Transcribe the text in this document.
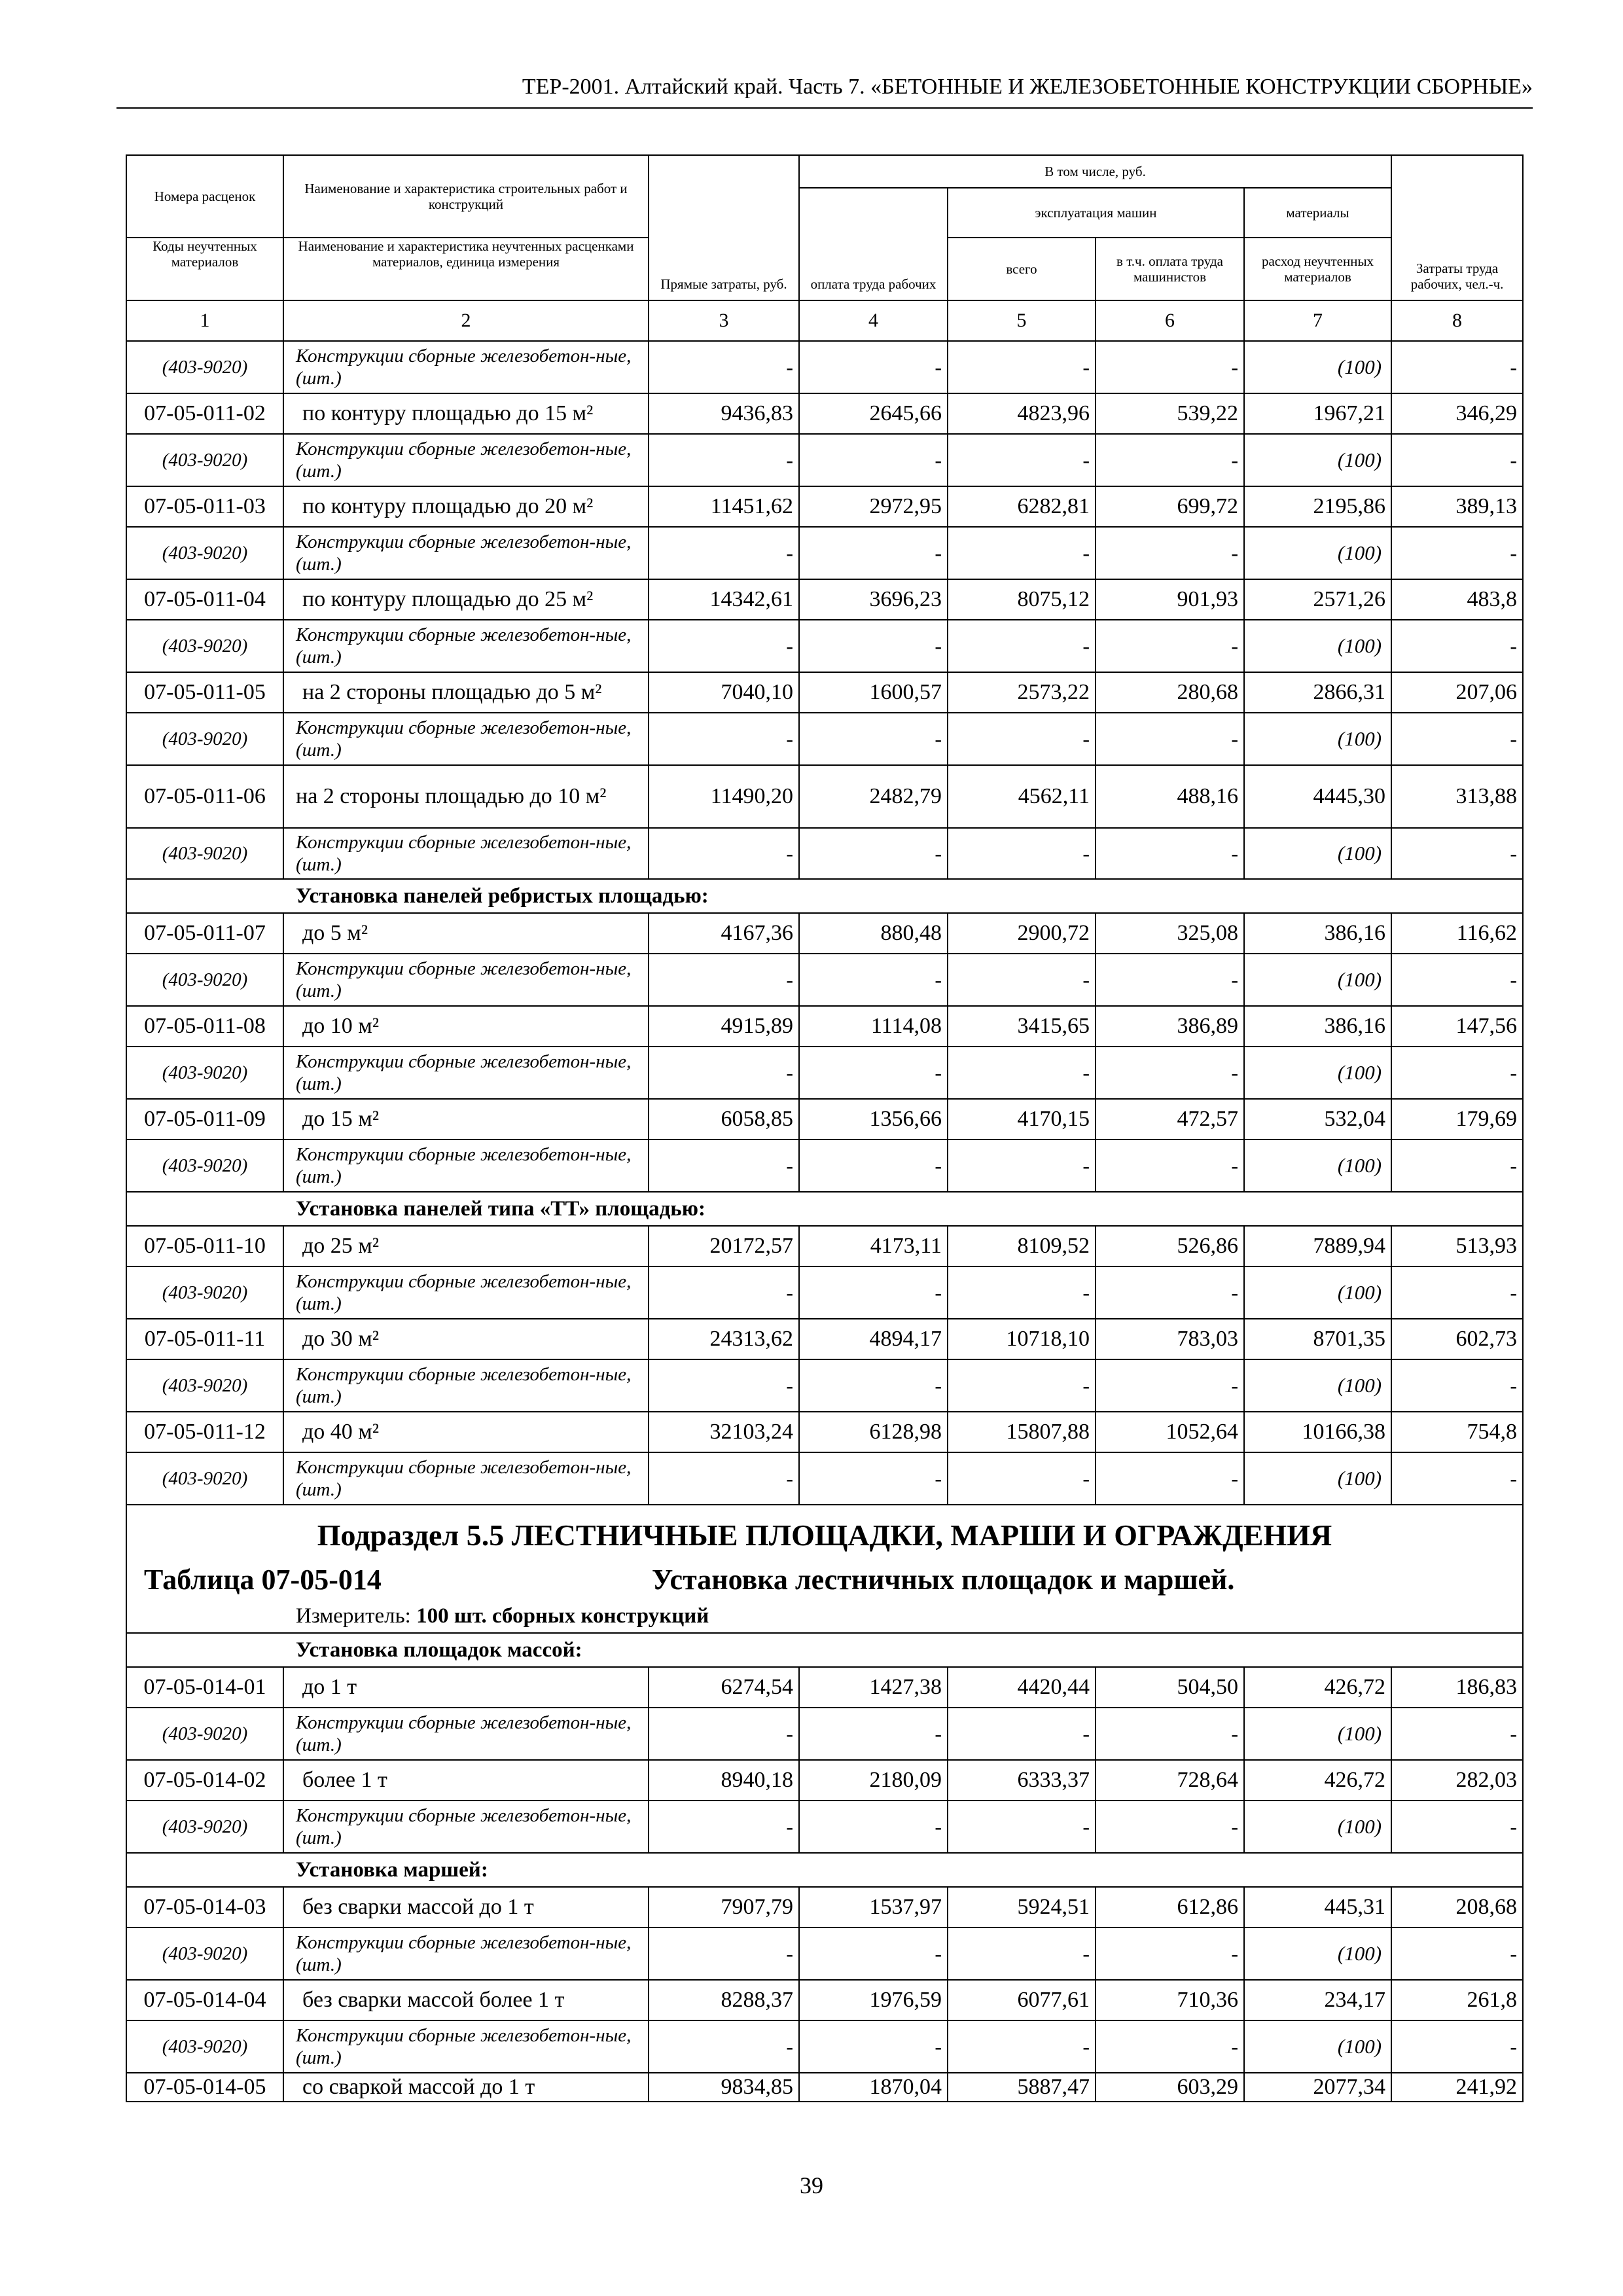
ТЕР-2001. Алтайский край. Часть 7. «БЕТОННЫЕ И ЖЕЛЕЗОБЕТОННЫЕ КОНСТРУКЦИИ СБОРНЫЕ»
Номера расценок	Наименование и характеристика строительных работ и конструкций	Прямые затраты, руб.	В том числе, руб.				Затраты труда рабочих, чел.-ч.
			оплата труда рабочих	эксплуатация машин		материалы	
Коды неучтенных материалов	Наименование и характеристика неучтенных расценками материалов, единица измерения			всего	в т.ч. оплата труда машинистов	расход неучтенных материалов	
1	2	3	4	5	6	7	8
(403-9020)	Конструкции сборные железобетон-ные, (шт.)	-	-	-	-	(100)	-
07-05-011-02	по контуру площадью до 15 м²	9436,83	2645,66	4823,96	539,22	1967,21	346,29
(403-9020)	Конструкции сборные железобетон-ные, (шт.)	-	-	-	-	(100)	-
07-05-011-03	по контуру площадью до 20 м²	11451,62	2972,95	6282,81	699,72	2195,86	389,13
(403-9020)	Конструкции сборные железобетон-ные, (шт.)	-	-	-	-	(100)	-
07-05-011-04	по контуру площадью до 25 м²	14342,61	3696,23	8075,12	901,93	2571,26	483,8
(403-9020)	Конструкции сборные железобетон-ные, (шт.)	-	-	-	-	(100)	-
07-05-011-05	на 2 стороны площадью до 5 м²	7040,10	1600,57	2573,22	280,68	2866,31	207,06
(403-9020)	Конструкции сборные железобетон-ные, (шт.)	-	-	-	-	(100)	-
07-05-011-06	на 2 стороны площадью до 10 м²	11490,20	2482,79	4562,11	488,16	4445,30	313,88
(403-9020)	Конструкции сборные железобетон-ные, (шт.)	-	-	-	-	(100)	-
Установка панелей ребристых площадью:							
07-05-011-07	до 5 м²	4167,36	880,48	2900,72	325,08	386,16	116,62
(403-9020)	Конструкции сборные железобетон-ные, (шт.)	-	-	-	-	(100)	-
07-05-011-08	до 10 м²	4915,89	1114,08	3415,65	386,89	386,16	147,56
(403-9020)	Конструкции сборные железобетон-ные, (шт.)	-	-	-	-	(100)	-
07-05-011-09	до 15 м²	6058,85	1356,66	4170,15	472,57	532,04	179,69
(403-9020)	Конструкции сборные железобетон-ные, (шт.)	-	-	-	-	(100)	-
Установка панелей типа «ТТ» площадью:							
07-05-011-10	до 25 м²	20172,57	4173,11	8109,52	526,86	7889,94	513,93
(403-9020)	Конструкции сборные железобетон-ные, (шт.)	-	-	-	-	(100)	-
07-05-011-11	до 30 м²	24313,62	4894,17	10718,10	783,03	8701,35	602,73
(403-9020)	Конструкции сборные железобетон-ные, (шт.)	-	-	-	-	(100)	-
07-05-011-12	до 40 м²	32103,24	6128,98	15807,88	1052,64	10166,38	754,8
(403-9020)	Конструкции сборные железобетон-ные, (шт.)	-	-	-	-	(100)	-
Подраздел 5.5 ЛЕСТНИЧНЫЕ ПЛОЩАДКИ, МАРШИ И ОГРАЖДЕНИЯ							

Таблица 07-05-014 Установка лестничных площадок и маршей.							

Измеритель: 100 шт. сборных конструкций							
Установка площадок массой:							
07-05-014-01	до 1 т	6274,54	1427,38	4420,44	504,50	426,72	186,83
(403-9020)	Конструкции сборные железобетон-ные, (шт.)	-	-	-	-	(100)	-
07-05-014-02	более 1 т	8940,18	2180,09	6333,37	728,64	426,72	282,03
(403-9020)	Конструкции сборные железобетон-ные, (шт.)	-	-	-	-	(100)	-
Установка маршей:							
07-05-014-03	без сварки массой до 1 т	7907,79	1537,97	5924,51	612,86	445,31	208,68
(403-9020)	Конструкции сборные железобетон-ные, (шт.)	-	-	-	-	(100)	-
07-05-014-04	без сварки массой более 1 т	8288,37	1976,59	6077,61	710,36	234,17	261,8
(403-9020)	Конструкции сборные железобетон-ные, (шт.)	-	-	-	-	(100)	-
07-05-014-05	со сваркой массой до 1 т	9834,85	1870,04	5887,47	603,29	2077,34	241,92
39
